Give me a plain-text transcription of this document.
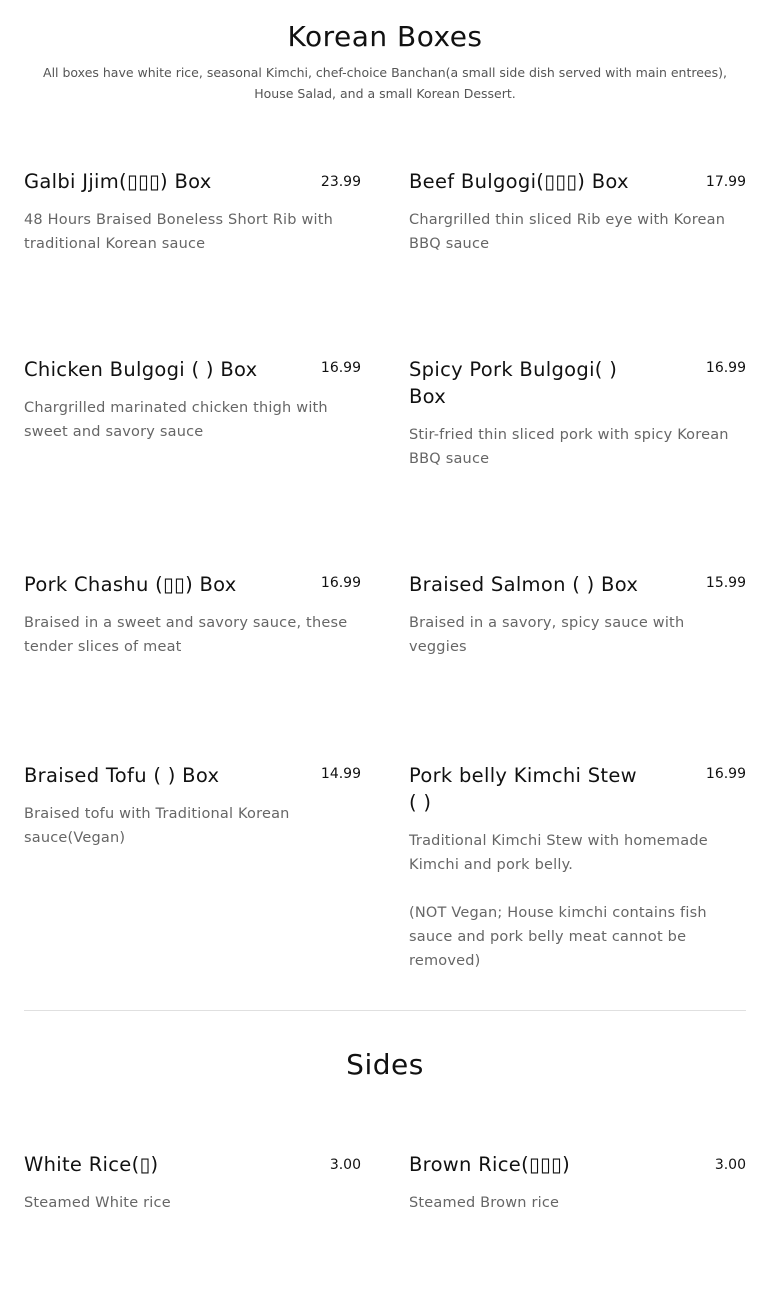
Korean Boxes
All boxes have white rice, seasonal Kimchi, chef-choice Banchan(a small side dish served with main entrees), House Salad, and a small Korean Dessert.
Galbi Jjim(▯▯▯) Box	23.99
48 Hours Braised Boneless Short Rib with traditional Korean sauce
Beef Bulgogi(▯▯▯) Box	17.99
Chargrilled thin sliced Rib eye with Korean BBQ sauce
Chicken Bulgogi ( ) Box	16.99
Chargrilled marinated chicken thigh with sweet and savory sauce
Spicy Pork Bulgogi( ) Box
16.99
Stir-fried thin sliced pork with spicy Korean BBQ sauce
Pork Chashu (▯▯) Box	16.99
Braised in a sweet and savory sauce, these tender slices of meat
Braised Salmon ( ) Box	15.99
Braised in a savory, spicy sauce with veggies
Braised Tofu ( ) Box	14.99
Braised tofu with Traditional Korean sauce(Vegan)
Pork belly Kimchi Stew ( )
16.99
Traditional Kimchi Stew with homemade Kimchi and pork belly.

(NOT Vegan; House kimchi contains fish sauce and pork belly meat cannot be removed)
Sides
White Rice(▯)	3.00
Steamed White rice
Brown Rice(▯▯▯)	3.00
Steamed Brown rice
